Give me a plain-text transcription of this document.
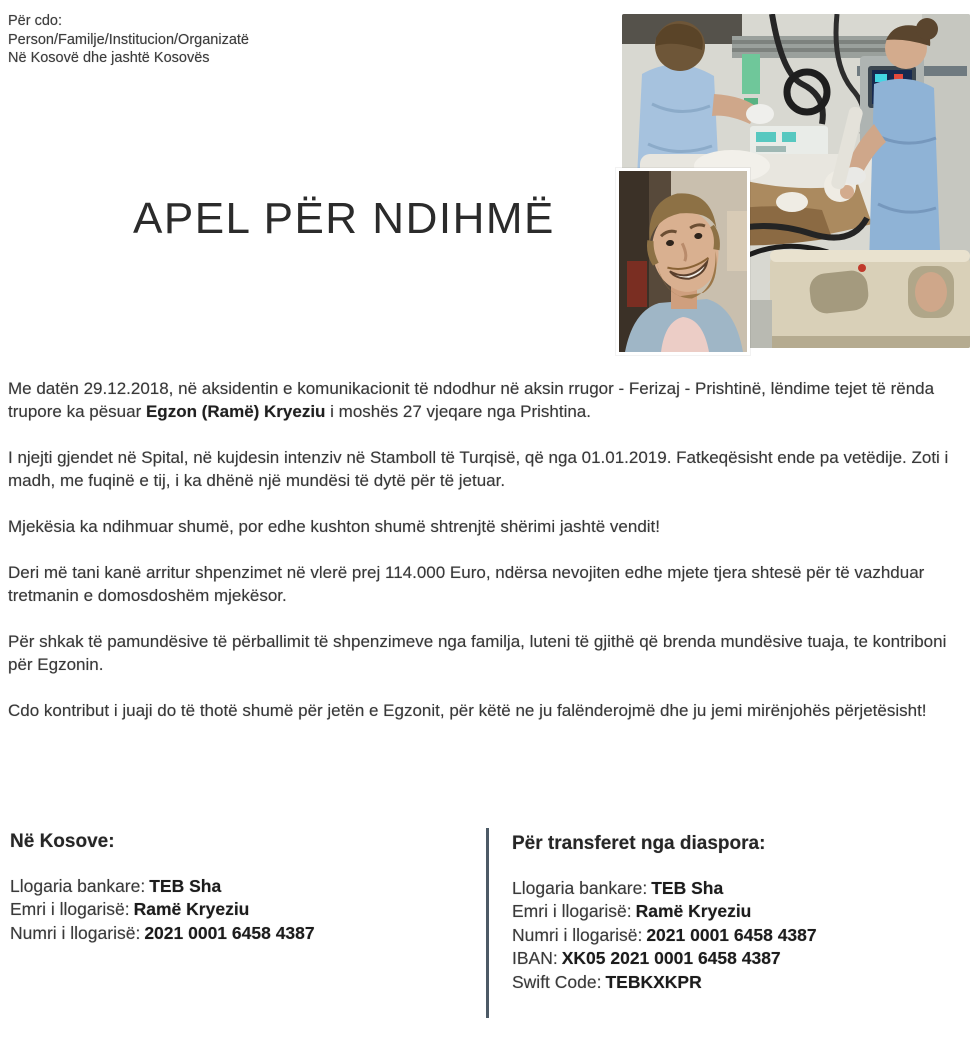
Për cdo:
Person/Familje/Institucion/Organizatë
Në Kosovë dhe jashtë Kosovës
APEL PËR NDIHMË

Me datën 29.12.2018, në aksidentin e komunikacionit të ndodhur në aksin rrugor - Ferizaj - Prishtinë, lëndime tejet të rënda trupore ka pësuar Egzon (Ramë) Kryeziu i moshës 27 vjeqare nga Prishtina.

I njejti gjendet në Spital, në kujdesin intenziv në Stamboll të Turqisë, që nga 01.01.2019. Fatkeqësisht ende pa vetëdije. Zoti i madh, me fuqinë e tij, i ka dhënë një mundësi të dytë për të jetuar.

Mjekësia ka ndihmuar shumë, por edhe kushton shumë shtrenjtë shërimi jashtë vendit!

Deri më tani kanë arritur shpenzimet në vlerë prej 114.000 Euro, ndërsa nevojiten edhe mjete tjera shtesë për të vazhduar tretmanin e domosdoshëm mjekësor.

Për shkak të pamundësive të përballimit të shpenzimeve nga familja, luteni të gjithë që brenda mundësive tuaja, te kontriboni për Egzonin.

Cdo kontribut i juaji do të thotë shumë për jetën e Egzonit, për këtë ne ju falënderojmë dhe ju jemi mirënjohës përjetësisht!

Në Kosove:
Llogaria bankare: TEB Sha
Emri i llogarisë: Ramë Kryeziu
Numri i llogarisë: 2021 0001 6458 4387
Për transferet nga diaspora:
Llogaria bankare: TEB Sha
Emri i llogarisë: Ramë Kryeziu
Numri i llogarisë: 2021 0001 6458 4387
IBAN: XK05 2021 0001 6458 4387
Swift Code: TEBKXKPR
